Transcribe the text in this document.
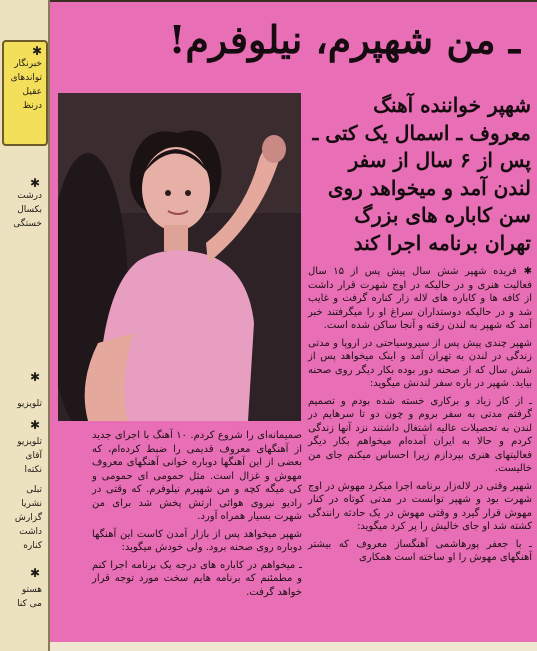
✱
خبرنگار
تواندهای
عقیل
درنظ
✱
درشت
بکسال
خستگی
✱
تلویزیو
✱
تلویزیو
آقای
نکته‌ا
تبلی
نشریا
گزارش
داشت
کناره
✱
هستو
می کنا
ـ من شهپرم، نیلوفرم!
شهپر خواننده آهنگ معروف ـ اسمال یک کتی ـ پس از ۶ سال از سفر لندن آمد و میخواهد روی سن کاباره های بزرگ تهران برنامه اجرا کند

✱ فریده شهپر شش سال پیش پس از ۱۵ سال فعالیت هنری و در حالیکه در اوج شهرت قرار داشت از کافه ها و کاباره های لاله زار کناره گرفت و غایب شد و در حالیکه دوستداران سراغ او را میگرفتند خبر آمد که شهپر به لندن رفته و آنجا ساکن شده است.

شهپر چندی پیش پس از سیروسیاحتی در اروپا و مدتی زندگی در لندن به تهران آمد و اینک میخواهد پس از شش سال که از صحنه دور بوده بکار دیگر روی صحنه بیاید. شهپر در باره سفر لندنش میگوید:

ـ از کار زیاد و برکاری خسته شده بودم و تصمیم گرفتم مدتی به سفر بروم و چون دو تا سرهایم در لندن به تحصیلات عالیه اشتغال داشتند نزد آنها زندگی کردم و حالا به ایران آمده‌ام میخواهم بکار دیگر فعالیتهای هنری بپردازم زیرا احساس میکنم جای من خالیست.

شهپر وقتی در لاله‌زار برنامه اجرا میکرد مهوش در اوج شهرت بود و شهپر توانست در مدتی کوتاه در کنار مهوش قرار گیرد و وقتی مهوش در یک حادثه رانندگی کشته شد او جای خالیش را پر کرد میگوید:

ـ با جعفر پورهاشمی آهنگساز معروف که بیشتر آهنگهای مهوش را او ساخته است همکاری

صمیمانه‌ای را شروع کردم. ۱۰ آهنگ با اجرای جدید از آهنگهای معروف قدیمی را ضبط کرده‌ام، که بعضی از این آهنگها دوباره خوانی آهنگهای معروف مهوش و غزال است. مثل حمومی ای حمومی و کی میگه کچه و من شهپرم نیلوفرم. که وقتی در رادیو نیروی هوائی ارتش پخش شد برای من شهرت بسیار همراه آورد.

شهپر میخواهد پس از بازار آمدن کاست این آهنگها دوباره روی صحنه برود. ولی خودش میگوید:

ـ میخواهم در کاباره های درجه یک برنامه اجرا کنم و مطمئنم که برنامه هایم سخت مورد توجه قرار خواهد گرفت.
